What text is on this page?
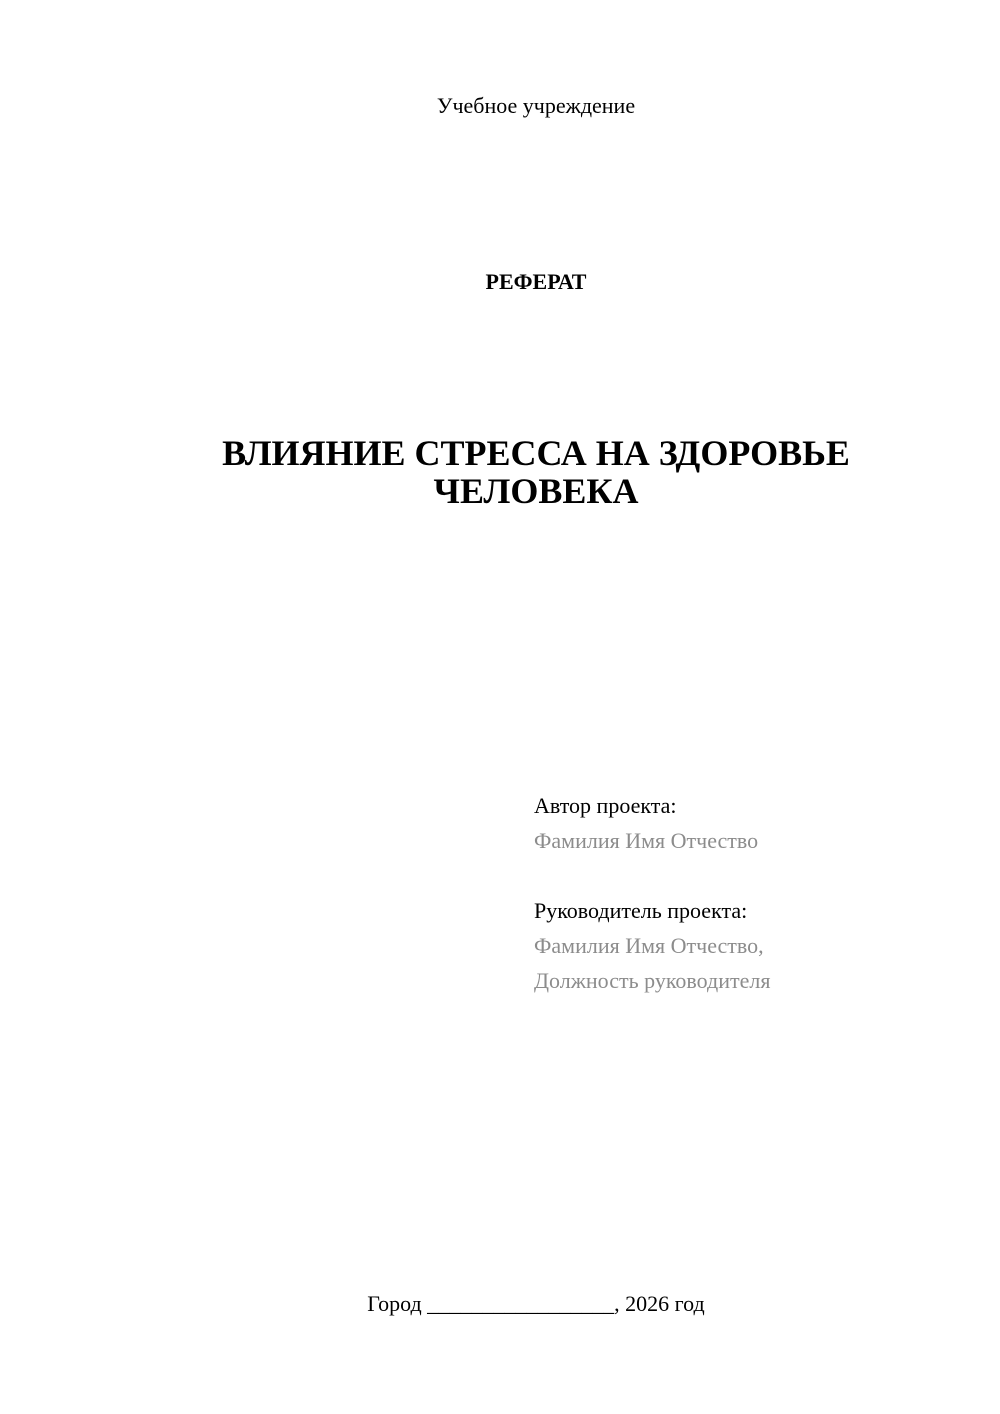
Учебное учреждение
РЕФЕРАТ
ВЛИЯНИЕ СТРЕССА НА ЗДОРОВЬЕ
ЧЕЛОВЕКА
Автор проекта:
Фамилия Имя Отчество
Руководитель проекта:
Фамилия Имя Отчество,
Должность руководителя
Город _________________, 2026 год
